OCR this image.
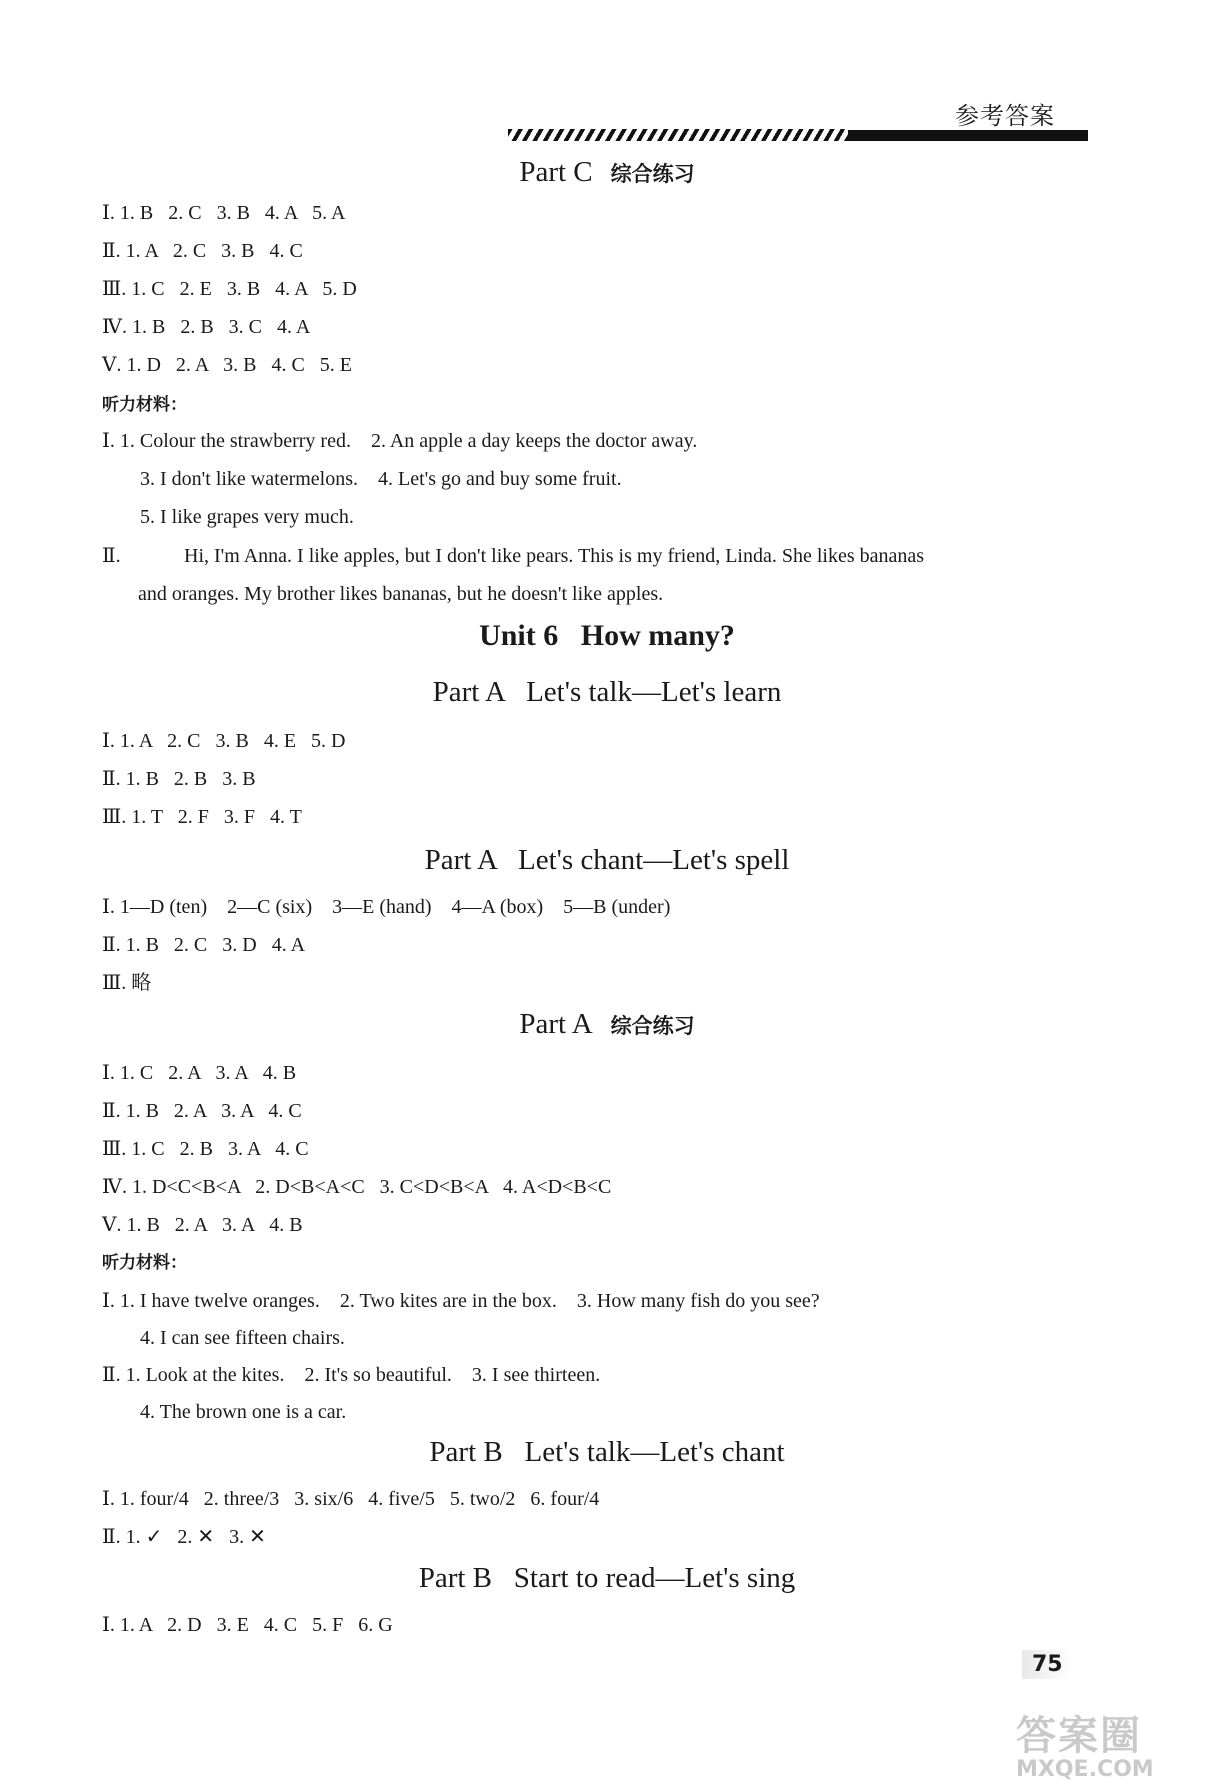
参考答案
Part C 综合练习
Ⅰ. 1. B   2. C   3. B   4. A   5. A
Ⅱ. 1. A   2. C   3. B   4. C
Ⅲ. 1. C   2. E   3. B   4. A   5. D
Ⅳ. 1. B   2. B   3. C   4. A
Ⅴ. 1. D   2. A   3. B   4. C   5. E
听力材料：
Ⅰ. 1. Colour the strawberry red.    2. An apple a day keeps the doctor away.
3. I don't like watermelons.    4. Let's go and buy some fruit.
5. I like grapes very much.
Ⅱ.	Hi, I'm Anna. I like apples, but I don't like pears. This is my friend, Linda. She likes bananas
and oranges. My brother likes bananas, but he doesn't like apples.
Unit 6   How many?
Part A   Let's talk—Let's learn
Ⅰ. 1. A   2. C   3. B   4. E   5. D
Ⅱ. 1. B   2. B   3. B
Ⅲ. 1. T   2. F   3. F   4. T
Part A   Let's chant—Let's spell
Ⅰ. 1—D (ten)    2—C (six)    3—E (hand)    4—A (box)    5—B (under)
Ⅱ. 1. B   2. C   3. D   4. A
Ⅲ. 略
Part A 综合练习
Ⅰ. 1. C   2. A   3. A   4. B
Ⅱ. 1. B   2. A   3. A   4. C
Ⅲ. 1. C   2. B   3. A   4. C
Ⅳ. 1. D<C<B<A   2. D<B<A<C   3. C<D<B<A   4. A<D<B<C
Ⅴ. 1. B   2. A   3. A   4. B
听力材料：
Ⅰ. 1. I have twelve oranges.    2. Two kites are in the box.    3. How many fish do you see?
4. I can see fifteen chairs.
Ⅱ. 1. Look at the kites.    2. It's so beautiful.    3. I see thirteen.
4. The brown one is a car.
Part B   Let's talk—Let's chant
Ⅰ. 1. four/4   2. three/3   3. six/6   4. five/5   5. two/2   6. four/4
Ⅱ. 1. ✓   2. ✕   3. ✕
Part B   Start to read—Let's sing
Ⅰ. 1. A   2. D   3. E   4. C   5. F   6. G
75
答案圈
MXQE.COM
